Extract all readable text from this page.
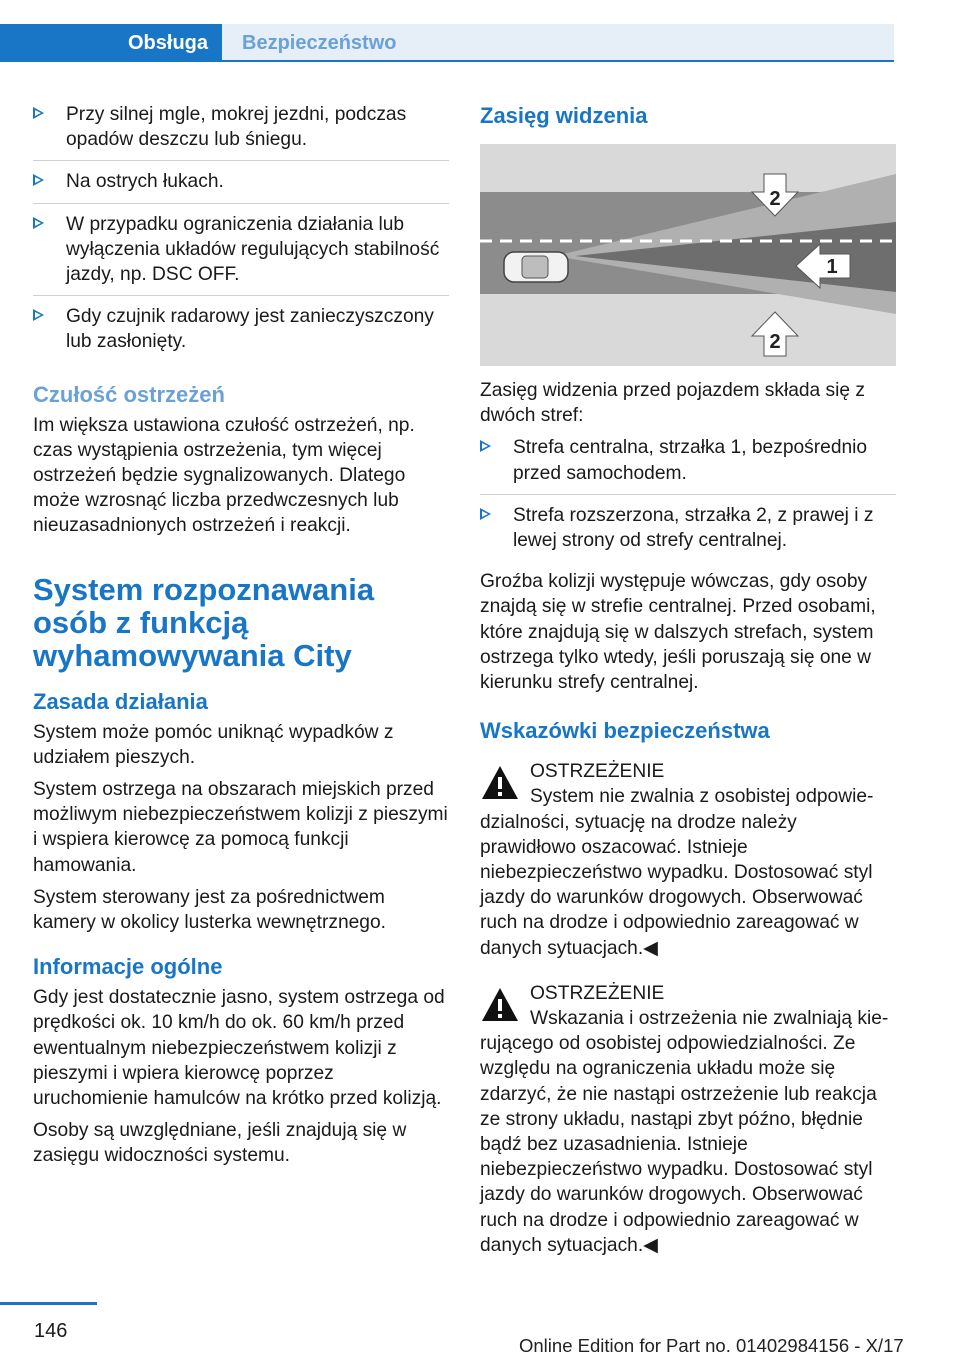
Obsługa	Bezpieczeństwo
Przy silnej mgle, mokrej jezdni, podczas opadów deszczu lub śniegu.
Na ostrych łukach.
W przypadku ograniczenia działania lub wyłączenia układów regulujących stabilność jazdy, np. DSC OFF.
Gdy czujnik radarowy jest zanieczyszczony lub zasłonięty.
Czułość ostrzeżeń

Im większa ustawiona czułość ostrzeżeń, np. czas wystąpienia ostrzeżenia, tym więcej ostrzeżeń będzie sygnalizowanych. Dlatego może wzrosnąć liczba przedwczesnych lub nieuzasadnionych ostrzeżeń i reakcji.

System rozpoznawania osób z funkcją wyhamowywania City
Zasada działania

System może pomóc uniknąć wypadków z udziałem pieszych.

System ostrzega na obszarach miejskich przed możliwym niebezpieczeństwem kolizji z pieszymi i wspiera kierowcę za pomocą funkcji hamowania.

System sterowany jest za pośrednictwem kamery w okolicy lusterka wewnętrznego.

Informacje ogólne

Gdy jest dostatecznie jasno, system ostrzega od prędkości ok. 10 km/h do ok. 60 km/h przed ewentualnym niebezpieczeństwem kolizji z pieszymi i wpiera kierowcę poprzez uruchomienie hamulców na krótko przed kolizją.

Osoby są uwzględniane, jeśli znajdują się w zasięgu widoczności systemu.

Zasięg widzenia
2
1
2

Zasięg widzenia przed pojazdem składa się z dwóch stref:

Strefa centralna, strzałka 1, bezpośrednio przed samochodem.
Strefa rozszerzona, strzałka 2, z prawej i z lewej strony od strefy centralnej.

Groźba kolizji występuje wówczas, gdy osoby znajdą się w strefie centralnej. Przed osobami, które znajdują się w dalszych strefach, system ostrzega tylko wtedy, jeśli poruszają się one w kierunku strefy centralnej.

Wskazówki bezpieczeństwa
OSTRZEŻENIE
System nie zwalnia z osobistej odpowie-
dzialności, sytuację na drodze należy prawidłowo oszacować. Istnieje niebezpieczeństwo wypadku. Dostosować styl jazdy do warunków drogowych. Obserwować ruch na drodze i odpowiednio zareagować w danych sytuacjach.◀
OSTRZEŻENIE
Wskazania i ostrzeżenia nie zwalniają kie-
rującego od osobistej odpowiedzialności. Ze względu na ograniczenia układu może się zdarzyć, że nie nastąpi ostrzeżenie lub reakcja ze strony układu, nastąpi zbyt późno, błędnie bądź bez uzasadnienia. Istnieje niebezpieczeństwo wypadku. Dostosować styl jazdy do warunków drogowych. Obserwować ruch na drodze i odpowiednio zareagować w danych sytuacjach.◀
146
Online Edition for Part no. 01402984156 - X/17
